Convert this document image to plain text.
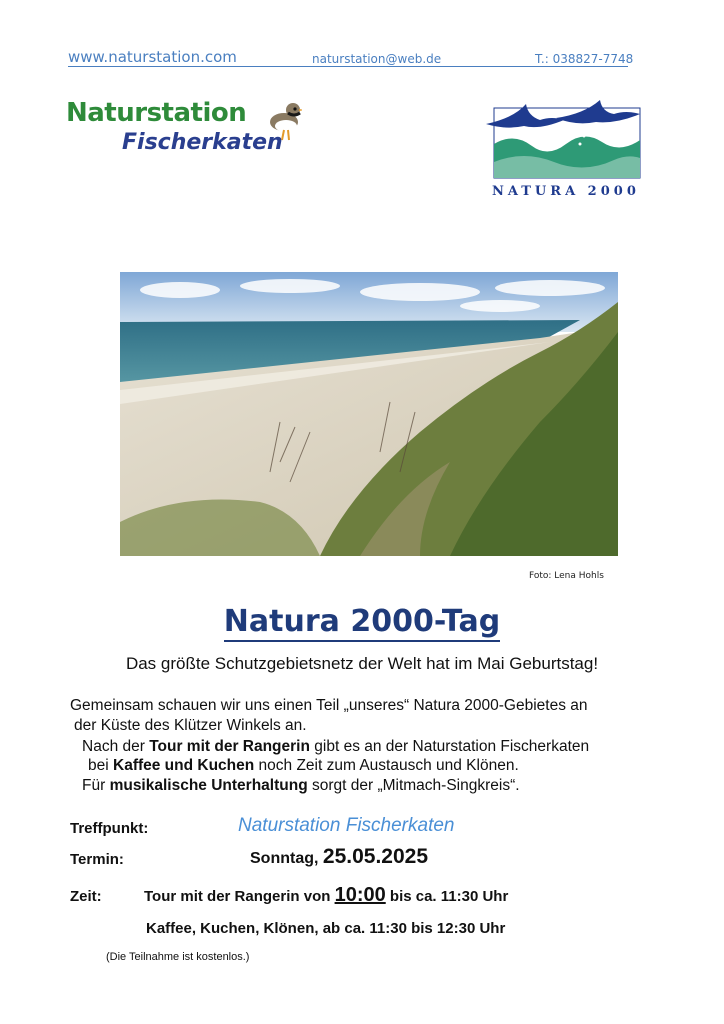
www.naturstation.com	naturstation@web.de	T.: 038827-7748
Naturstation
Fischerkaten
NATURA 2000
Foto: Lena Hohls
Natura 2000-Tag
Das größte Schutzgebietsnetz der Welt hat im Mai Geburtstag!
Gemeinsam schauen wir uns einen Teil „unseres“ Natura 2000-Gebietes an
der Küste des Klützer Winkels an.
Nach der Tour mit der Rangerin gibt es an der Naturstation Fischerkaten
bei Kaffee und Kuchen noch Zeit zum Austausch und Klönen.
Für musikalische Unterhaltung sorgt der „Mitmach-Singkreis“.
Treffpunkt:	Naturstation Fischerkaten
Termin:	Sonntag, 25.05.2025
Zeit:	Tour mit der Rangerin von 10:00 bis ca. 11:30 Uhr
Kaffee, Kuchen, Klönen, ab ca. 11:30 bis 12:30 Uhr
(Die Teilnahme ist kostenlos.)
